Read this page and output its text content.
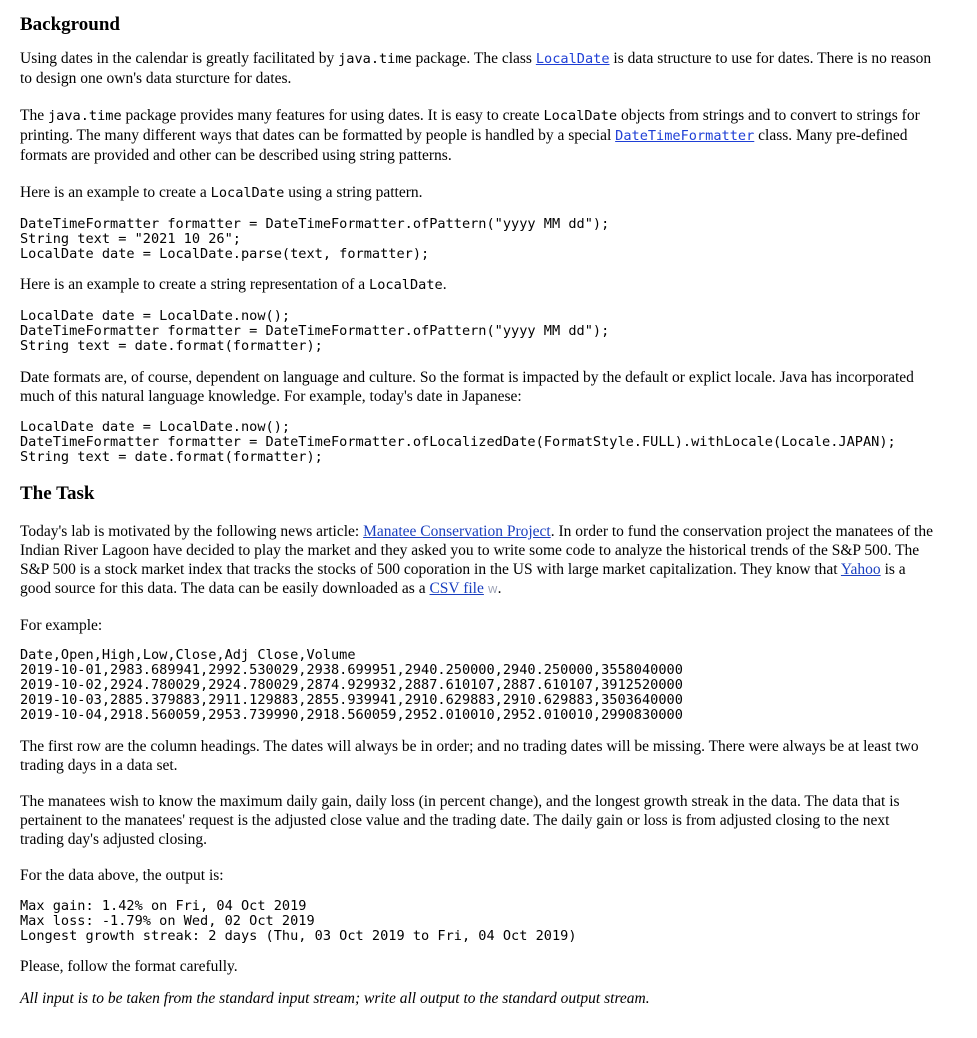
Background

Using dates in the calendar is greatly facilitated by java.time package. The class LocalDate is data structure to use for dates. There is no reason to design one own's data sturcture for dates.

The java.time package provides many features for using dates. It is easy to create LocalDate objects from strings and to convert to strings for printing. The many different ways that dates can be formatted by people is handled by a special DateTimeFormatter class. Many pre-defined formats are provided and other can be described using string patterns.

Here is an example to create a LocalDate using a string pattern.

DateTimeFormatter formatter = DateTimeFormatter.ofPattern("yyyy MM dd");
String text = "2021 10 26";
LocalDate date = LocalDate.parse(text, formatter);

Here is an example to create a string representation of a LocalDate.

LocalDate date = LocalDate.now();
DateTimeFormatter formatter = DateTimeFormatter.ofPattern("yyyy MM dd");
String text = date.format(formatter);

Date formats are, of course, dependent on language and culture. So the format is impacted by the default or explict locale. Java has incorporated much of this natural language knowledge. For example, today's date in Japanese:

LocalDate date = LocalDate.now();
DateTimeFormatter formatter = DateTimeFormatter.ofLocalizedDate(FormatStyle.FULL).withLocale(Locale.JAPAN);
String text = date.format(formatter);
The Task

Today's lab is motivated by the following news article: Manatee Conservation Project. In order to fund the conservation project the manatees of the Indian River Lagoon have decided to play the market and they asked you to write some code to analyze the historical trends of the S&P 500. The S&P 500 is a stock market index that tracks the stocks of 500 coporation in the US with large market capitalization. They know that Yahoo is a good source for this data. The data can be easily downloaded as a CSV file W.

For example:

Date,Open,High,Low,Close,Adj Close,Volume
2019-10-01,2983.689941,2992.530029,2938.699951,2940.250000,2940.250000,3558040000
2019-10-02,2924.780029,2924.780029,2874.929932,2887.610107,2887.610107,3912520000
2019-10-03,2885.379883,2911.129883,2855.939941,2910.629883,2910.629883,3503640000
2019-10-04,2918.560059,2953.739990,2918.560059,2952.010010,2952.010010,2990830000

The first row are the column headings. The dates will always be in order; and no trading dates will be missing. There were always be at least two trading days in a data set.

The manatees wish to know the maximum daily gain, daily loss (in percent change), and the longest growth streak in the data. The data that is pertainent to the manatees' request is the adjusted close value and the trading date. The daily gain or loss is from adjusted closing to the next trading day's adjusted closing.

For the data above, the output is:

Max gain: 1.42% on Fri, 04 Oct 2019
Max loss: -1.79% on Wed, 02 Oct 2019
Longest growth streak: 2 days (Thu, 03 Oct 2019 to Fri, 04 Oct 2019)

Please, follow the format carefully.

All input is to be taken from the standard input stream; write all output to the standard output stream.
